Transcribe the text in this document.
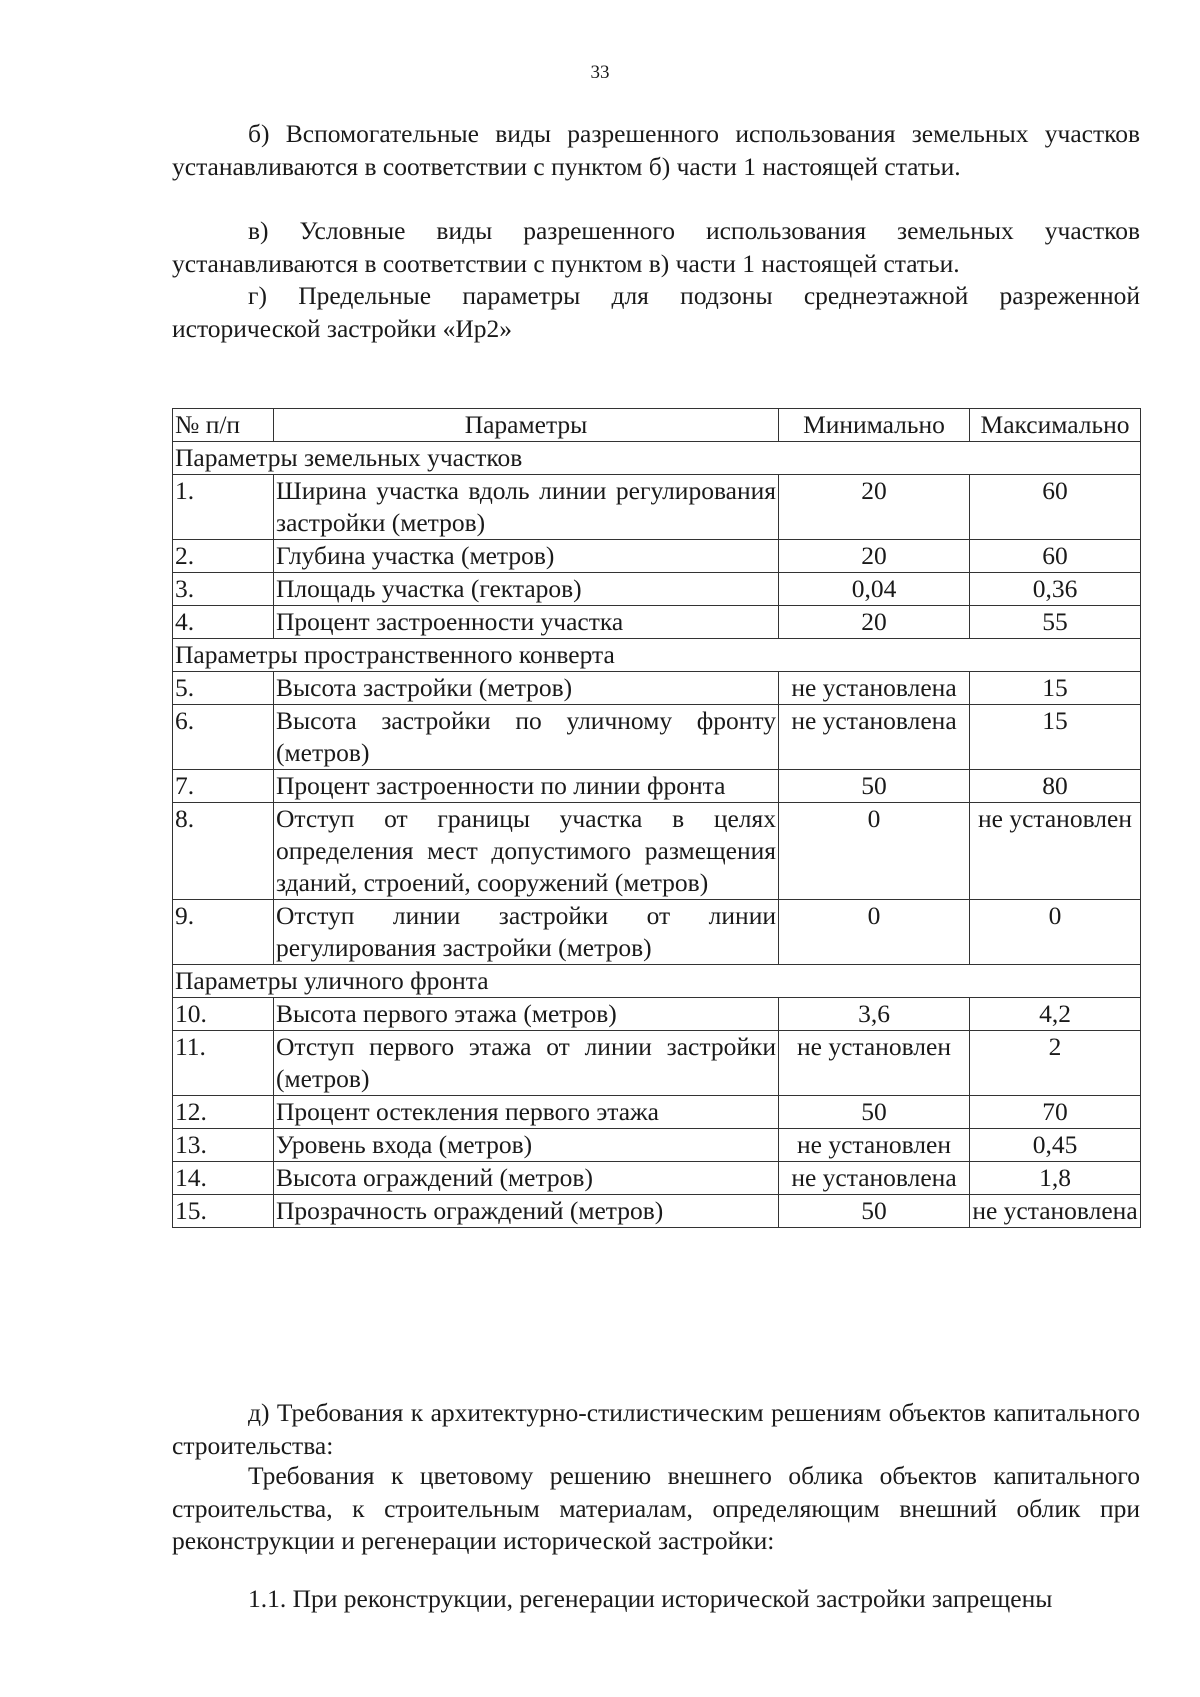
33

б) Вспомогательные виды разрешенного использования земельных участков устанавливаются в соответствии с пунктом б) части 1 настоящей статьи.

в) Условные виды разрешенного использования земельных участков устанавливаются в соответствии с пунктом в) части 1 настоящей статьи.

г) Предельные параметры для подзоны среднеэтажной разреженной исторической застройки «Ир2»

№ п/п	Параметры	Минимально	Максимально
Параметры земельных участков			
1.	Ширина участка вдоль линии регулирования застройки (метров)	20	60
2.	Глубина участка (метров)	20	60
3.	Площадь участка (гектаров)	0,04	0,36
4.	Процент застроенности участка	20	55
Параметры пространственного конверта			
5.	Высота застройки (метров)	не установлена	15
6.	Высота застройки по уличному фронту (метров)	не установлена	15
7.	Процент застроенности по линии фронта	50	80
8.	Отступ от границы участка в целях определения мест допустимого размещения зданий, строений, сооружений (метров)	0	не установлен
9.	Отступ линии застройки от линии регулирования застройки (метров)	0	0
Параметры уличного фронта			
10.	Высота первого этажа (метров)	3,6	4,2
11.	Отступ первого этажа от линии застройки (метров)	не установлен	2
12.	Процент остекления первого этажа	50	70
13.	Уровень входа (метров)	не установлен	0,45
14.	Высота ограждений (метров)	не установлена	1,8
15.	Прозрачность ограждений (метров)	50	не установлена

д) Требования к архитектурно-стилистическим решениям объектов капитального строительства:

Требования к цветовому решению внешнего облика объектов капитального строительства, к строительным материалам, определяющим внешний облик при реконструкции и регенерации исторической застройки:

1.1. При реконструкции, регенерации исторической застройки запрещены
